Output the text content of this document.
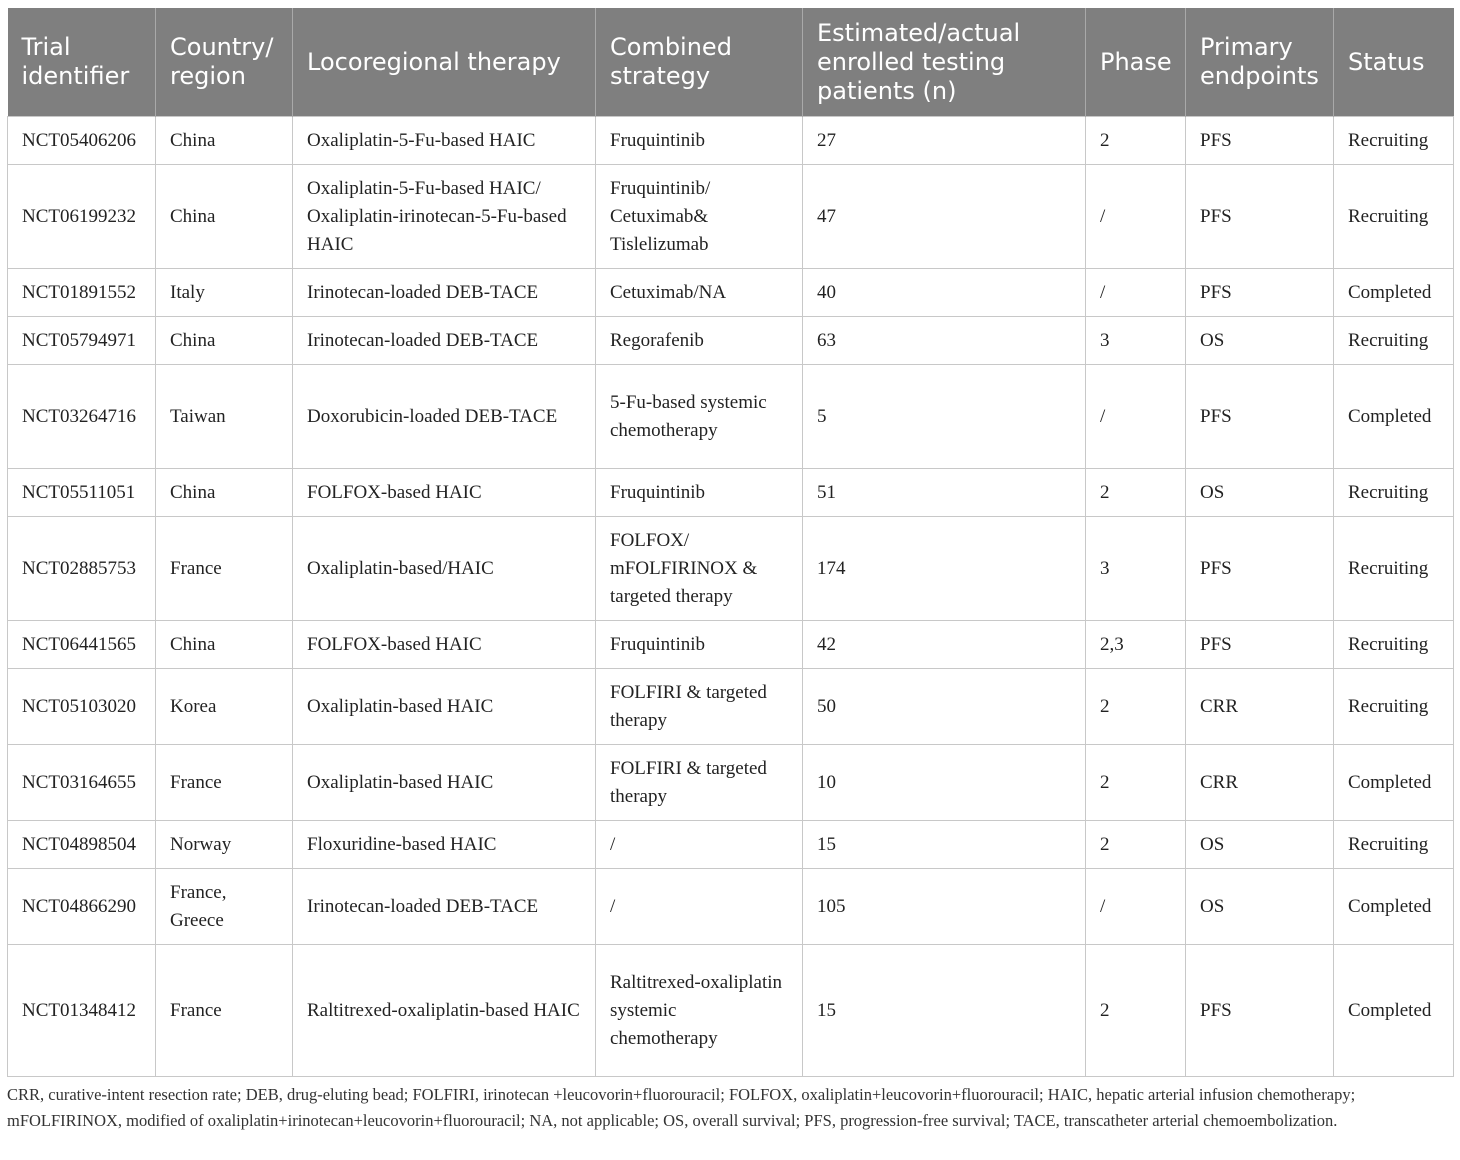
Trial identifier	Country/ region	Locoregional therapy	Combined strategy	Estimated/actual enrolled testing patients (n)	Phase	Primary endpoints	Status
NCT05406206	China	Oxaliplatin-5-Fu-based HAIC	Fruquintinib	27	2	PFS	Recruiting
NCT06199232	China	Oxaliplatin-5-Fu-based HAIC/ Oxaliplatin-irinotecan-5-Fu-based HAIC	Fruquintinib/ Cetuximab& Tislelizumab	47	/	PFS	Recruiting
NCT01891552	Italy	Irinotecan-loaded DEB-TACE	Cetuximab/NA	40	/	PFS	Completed
NCT05794971	China	Irinotecan-loaded DEB-TACE	Regorafenib	63	3	OS	Recruiting
NCT03264716	Taiwan	Doxorubicin-loaded DEB-TACE	5-Fu-based systemic chemotherapy	5	/	PFS	Completed
NCT05511051	China	FOLFOX-based HAIC	Fruquintinib	51	2	OS	Recruiting
NCT02885753	France	Oxaliplatin-based/HAIC	FOLFOX/ mFOLFIRINOX & targeted therapy	174	3	PFS	Recruiting
NCT06441565	China	FOLFOX-based HAIC	Fruquintinib	42	2,3	PFS	Recruiting
NCT05103020	Korea	Oxaliplatin-based HAIC	FOLFIRI & targeted therapy	50	2	CRR	Recruiting
NCT03164655	France	Oxaliplatin-based HAIC	FOLFIRI & targeted therapy	10	2	CRR	Completed
NCT04898504	Norway	Floxuridine-based HAIC	/	15	2	OS	Recruiting
NCT04866290	France, Greece	Irinotecan-loaded DEB-TACE	/	105	/	OS	Completed
NCT01348412	France	Raltitrexed-oxaliplatin-based HAIC	Raltitrexed-oxaliplatin systemic chemotherapy	15	2	PFS	Completed

CRR, curative-intent resection rate; DEB, drug-eluting bead; FOLFIRI, irinotecan +leucovorin+fluorouracil; FOLFOX, oxaliplatin+leucovorin+fluorouracil; HAIC, hepatic arterial infusion chemotherapy; mFOLFIRINOX, modified of oxaliplatin+irinotecan+leucovorin+fluorouracil; NA, not applicable; OS, overall survival; PFS, progression-free survival; TACE, transcatheter arterial chemoembolization.
